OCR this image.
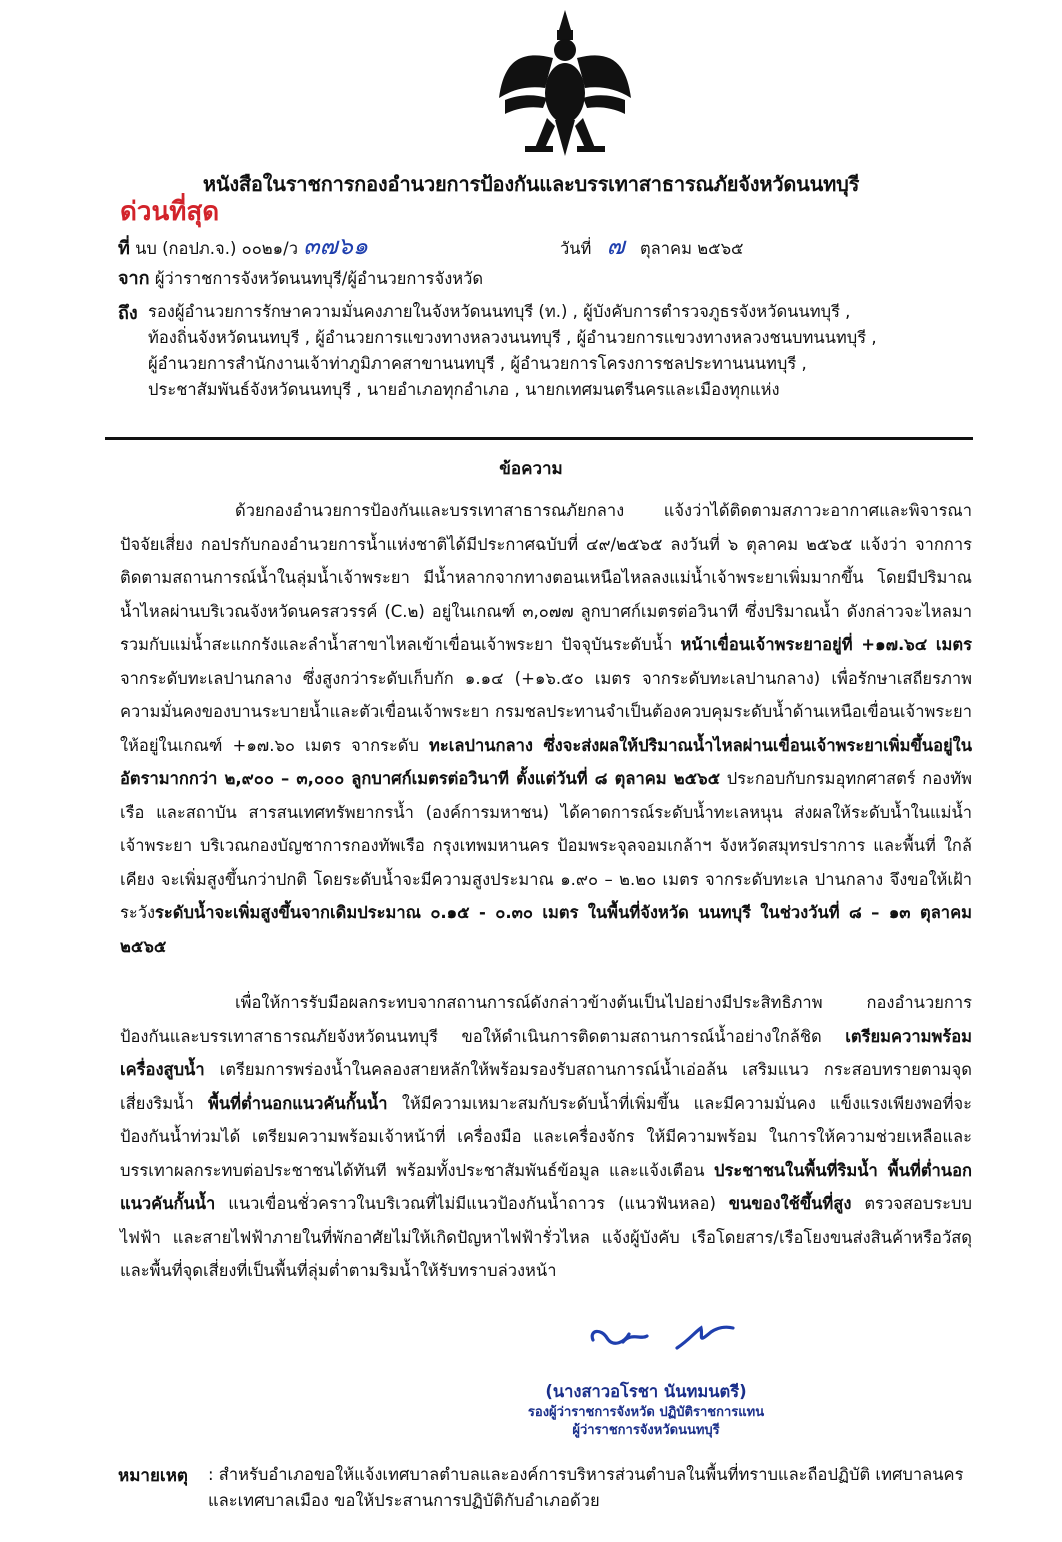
หนังสือในราชการกองอำนวยการป้องกันและบรรเทาสาธารณภัยจังหวัดนนทบุรี
ด่วนที่สุด
ที่ นบ (กอปภ.จ.) ๐๐๒๑/ว ๓๗๖๑	วันที่ ๗ ตุลาคม ๒๕๖๕
จาก ผู้ว่าราชการจังหวัดนนทบุรี/ผู้อำนวยการจังหวัด
ถึง รองผู้อำนวยการรักษาความมั่นคงภายในจังหวัดนนทบุรี (ท.) , ผู้บังคับการตำรวจภูธรจังหวัดนนทบุรี ,
ท้องถิ่นจังหวัดนนทบุรี , ผู้อำนวยการแขวงทางหลวงนนทบุรี , ผู้อำนวยการแขวงทางหลวงชนบทนนทบุรี ,
ผู้อำนวยการสำนักงานเจ้าท่าภูมิภาคสาขานนทบุรี , ผู้อำนวยการโครงการชลประทานนนทบุรี ,
ประชาสัมพันธ์จังหวัดนนทบุรี , นายอำเภอทุกอำเภอ , นายกเทศมนตรีนครและเมืองทุกแห่ง
ข้อความ
ด้วยกองอำนวยการป้องกันและบรรเทาสาธารณภัยกลาง แจ้งว่าได้ติดตามสภาวะอากาศและพิจารณาปัจจัยเสี่ยง กอปรกับกองอำนวยการน้ำแห่งชาติได้มีประกาศฉบับที่ ๔๙/๒๕๖๕ ลงวันที่ ๖ ตุลาคม ๒๕๖๕ แจ้งว่า จากการติดตามสถานการณ์น้ำในลุ่มน้ำเจ้าพระยา มีน้ำหลากจากทางตอนเหนือไหลลงแม่น้ำเจ้าพระยาเพิ่มมากขึ้น โดยมีปริมาณน้ำไหลผ่านบริเวณจังหวัดนครสวรรค์ (C.๒) อยู่ในเกณฑ์ ๓,๐๗๗ ลูกบาศก์เมตรต่อวินาที ซึ่งปริมาณน้ำ ดังกล่าวจะไหลมารวมกับแม่น้ำสะแกกรังและลำน้ำสาขาไหลเข้าเขื่อนเจ้าพระยา ปัจจุบันระดับน้ำ หน้าเขื่อนเจ้าพระยาอยู่ที่ +๑๗.๖๔ เมตร จากระดับทะเลปานกลาง ซึ่งสูงกว่าระดับเก็บกัก ๑.๑๔ (+๑๖.๕๐ เมตร จากระดับทะเลปานกลาง) เพื่อรักษาเสถียรภาพความมั่นคงของบานระบายน้ำและตัวเขื่อนเจ้าพระยา กรมชลประทานจำเป็นต้องควบคุมระดับน้ำด้านเหนือเขื่อนเจ้าพระยา ให้อยู่ในเกณฑ์ +๑๗.๖๐ เมตร จากระดับ ทะเลปานกลาง ซึ่งจะส่งผลให้ปริมาณน้ำไหลผ่านเขื่อนเจ้าพระยาเพิ่มขึ้นอยู่ในอัตรามากกว่า ๒,๙๐๐ – ๓,๐๐๐ ลูกบาศก์เมตรต่อวินาที ตั้งแต่วันที่ ๘ ตุลาคม ๒๕๖๕ ประกอบกับกรมอุทกศาสตร์ กองทัพเรือ และสถาบัน สารสนเทศทรัพยากรน้ำ (องค์การมหาชน) ได้คาดการณ์ระดับน้ำทะเลหนุน ส่งผลให้ระดับน้ำในแม่น้ำเจ้าพระยา บริเวณกองบัญชาการกองทัพเรือ กรุงเทพมหานคร ป้อมพระจุลจอมเกล้าฯ จังหวัดสมุทรปราการ และพื้นที่ ใกล้เคียง จะเพิ่มสูงขึ้นกว่าปกติ โดยระดับน้ำจะมีความสูงประมาณ ๑.๙๐ – ๒.๒๐ เมตร จากระดับทะเล ปานกลาง จึงขอให้เฝ้าระวังระดับน้ำจะเพิ่มสูงขึ้นจากเดิมประมาณ ๐.๑๕ - ๐.๓๐ เมตร ในพื้นที่จังหวัด นนทบุรี ในช่วงวันที่ ๘ – ๑๓ ตุลาคม ๒๕๖๕
เพื่อให้การรับมือผลกระทบจากสถานการณ์ดังกล่าวข้างต้นเป็นไปอย่างมีประสิทธิภาพ กองอำนวยการป้องกันและบรรเทาสาธารณภัยจังหวัดนนทบุรี ขอให้ดำเนินการติดตามสถานการณ์น้ำอย่างใกล้ชิด เตรียมความพร้อมเครื่องสูบน้ำ เตรียมการพร่องน้ำในคลองสายหลักให้พร้อมรองรับสถานการณ์น้ำเอ่อล้น เสริมแนว กระสอบทรายตามจุดเสี่ยงริมน้ำ พื้นที่ต่ำนอกแนวคันกั้นน้ำ ให้มีความเหมาะสมกับระดับน้ำที่เพิ่มขึ้น และมีความมั่นคง แข็งแรงเพียงพอที่จะป้องกันน้ำท่วมได้ เตรียมความพร้อมเจ้าหน้าที่ เครื่องมือ และเครื่องจักร ให้มีความพร้อม ในการให้ความช่วยเหลือและบรรเทาผลกระทบต่อประชาชนได้ทันที พร้อมทั้งประชาสัมพันธ์ข้อมูล และแจ้งเตือน ประชาชนในพื้นที่ริมน้ำ พื้นที่ต่ำนอกแนวคันกั้นน้ำ แนวเขื่อนชั่วคราวในบริเวณที่ไม่มีแนวป้องกันน้ำถาวร (แนวฟันหลอ) ขนของใช้ขึ้นที่สูง ตรวจสอบระบบไฟฟ้า และสายไฟฟ้าภายในที่พักอาศัยไม่ให้เกิดปัญหาไฟฟ้ารั่วไหล แจ้งผู้บังคับ เรือโดยสาร/เรือโยงขนส่งสินค้าหรือวัสดุ และพื้นที่จุดเสี่ยงที่เป็นพื้นที่ลุ่มต่ำตามริมน้ำให้รับทราบล่วงหน้า
(นางสาวอโรชา นันทมนตรี)
รองผู้ว่าราชการจังหวัด ปฏิบัติราชการแทน
ผู้ว่าราชการจังหวัดนนทบุรี
หมายเหตุ : สำหรับอำเภอขอให้แจ้งเทศบาลตำบลและองค์การบริหารส่วนตำบลในพื้นที่ทราบและถือปฏิบัติ เทศบาลนครและเทศบาลเมือง ขอให้ประสานการปฏิบัติกับอำเภอด้วย
